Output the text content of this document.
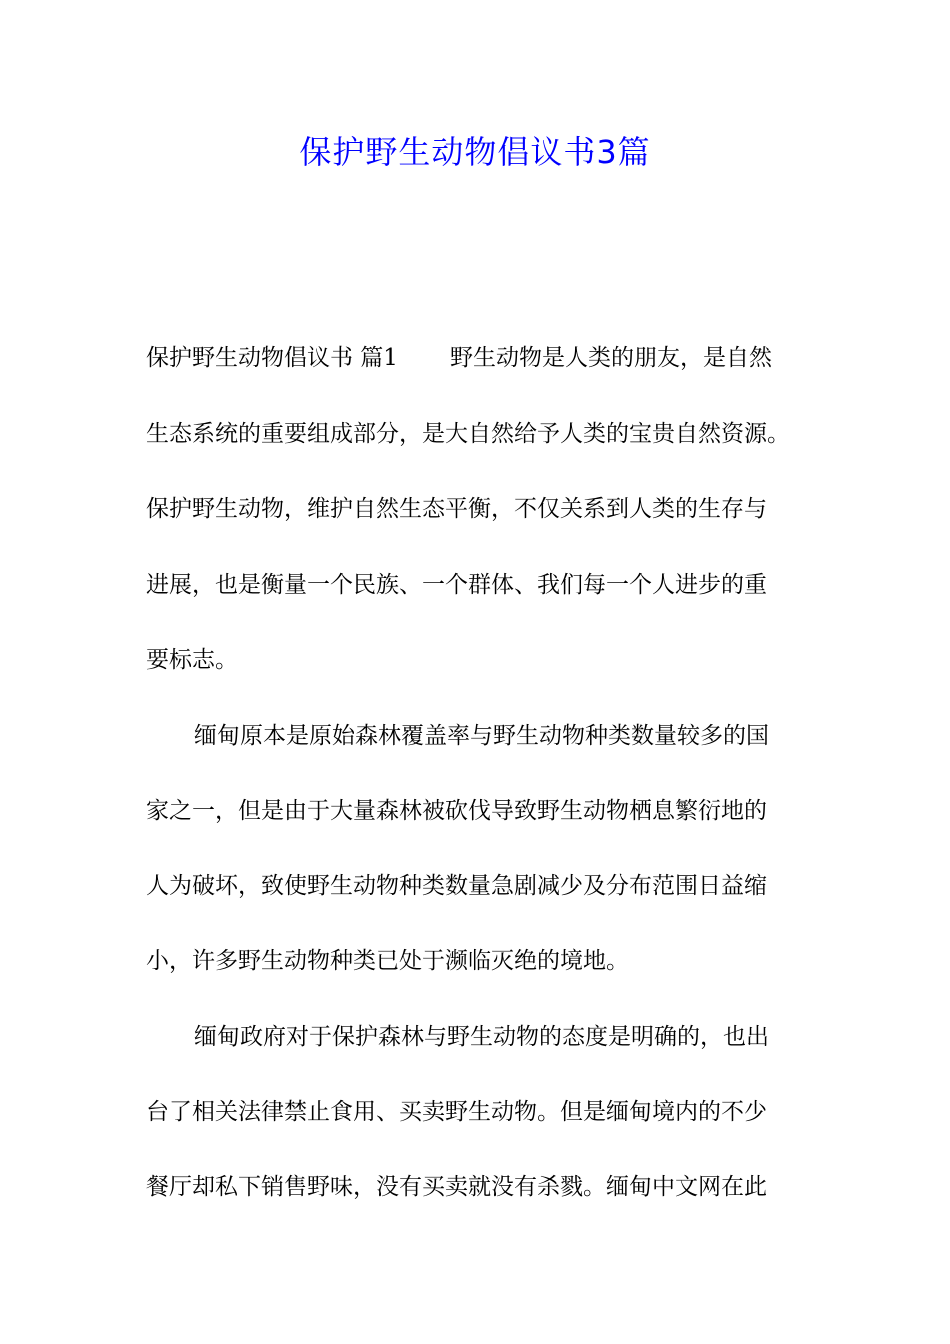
保护野生动物倡议书3篇

保护野生动物倡议书 篇1 野生动物是人类的朋友，是自然

生态系统的重要组成部分，是大自然给予人类的宝贵自然资源。

保护野生动物，维护自然生态平衡，不仅关系到人类的生存与

进展，也是衡量一个民族、一个群体、我们每一个人进步的重

要标志。

缅甸原本是原始森林覆盖率与野生动物种类数量较多的国

家之一，但是由于大量森林被砍伐导致野生动物栖息繁衍地的

人为破坏，致使野生动物种类数量急剧减少及分布范围日益缩

小，许多野生动物种类已处于濒临灭绝的境地。

缅甸政府对于保护森林与野生动物的态度是明确的，也出

台了相关法律禁止食用、买卖野生动物。但是缅甸境内的不少

餐厅却私下销售野味，没有买卖就没有杀戮。缅甸中文网在此
